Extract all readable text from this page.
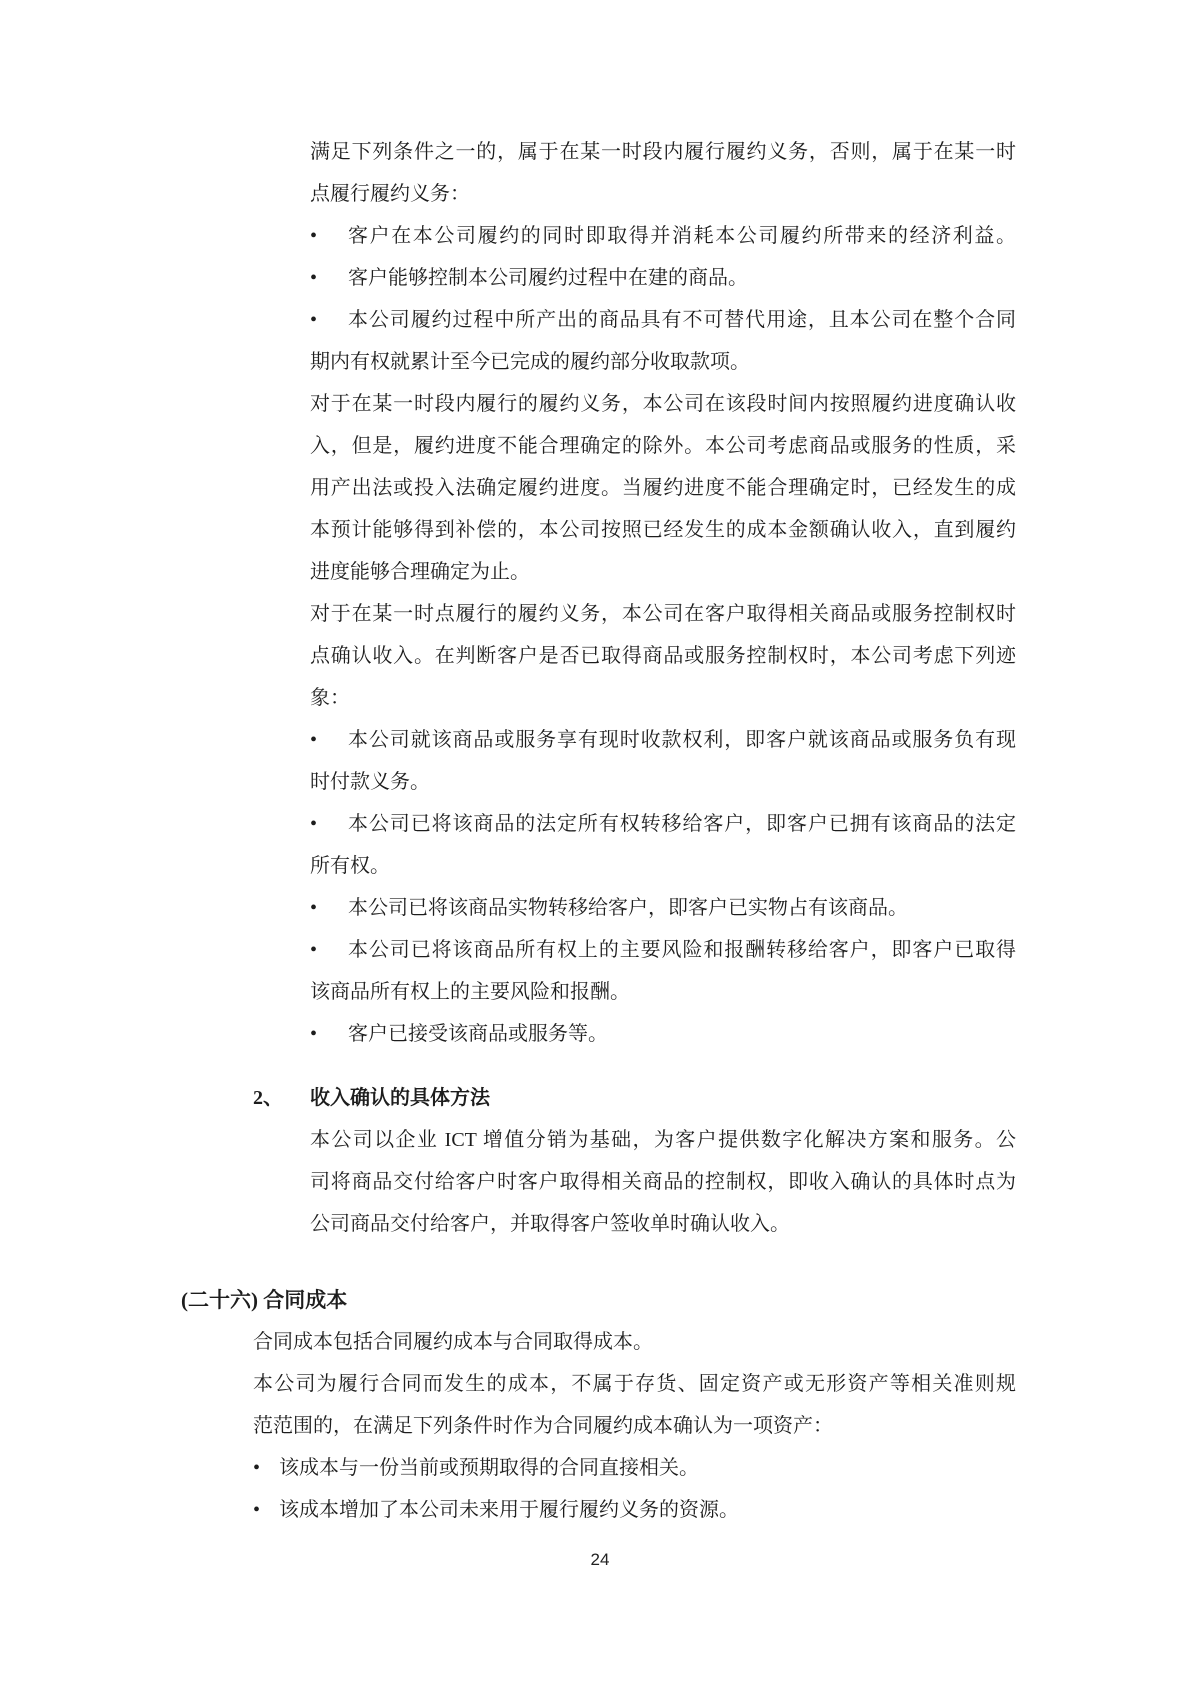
满足下列条件之一的，属于在某一时段内履行履约义务，否则，属于在某一时
点履行履约义务：
•	客户在本公司履约的同时即取得并消耗本公司履约所带来的经济利益。
•	客户能够控制本公司履约过程中在建的商品。
•	本公司履约过程中所产出的商品具有不可替代用途，且本公司在整个合同
期内有权就累计至今已完成的履约部分收取款项。
对于在某一时段内履行的履约义务，本公司在该段时间内按照履约进度确认收
入，但是，履约进度不能合理确定的除外。本公司考虑商品或服务的性质，采
用产出法或投入法确定履约进度。当履约进度不能合理确定时，已经发生的成
本预计能够得到补偿的，本公司按照已经发生的成本金额确认收入，直到履约
进度能够合理确定为止。
对于在某一时点履行的履约义务，本公司在客户取得相关商品或服务控制权时
点确认收入。在判断客户是否已取得商品或服务控制权时，本公司考虑下列迹
象：
•	本公司就该商品或服务享有现时收款权利，即客户就该商品或服务负有现
时付款义务。
•	本公司已将该商品的法定所有权转移给客户，即客户已拥有该商品的法定
所有权。
•	本公司已将该商品实物转移给客户，即客户已实物占有该商品。
•	本公司已将该商品所有权上的主要风险和报酬转移给客户，即客户已取得
该商品所有权上的主要风险和报酬。
•	客户已接受该商品或服务等。
2、 收入确认的具体方法
本公司以企业 ICT 增值分销为基础，为客户提供数字化解决方案和服务。公
司将商品交付给客户时客户取得相关商品的控制权，即收入确认的具体时点为
公司商品交付给客户，并取得客户签收单时确认收入。
(二十六) 合同成本
合同成本包括合同履约成本与合同取得成本。
本公司为履行合同而发生的成本，不属于存货、固定资产或无形资产等相关准则规
范范围的，在满足下列条件时作为合同履约成本确认为一项资产：
• 该成本与一份当前或预期取得的合同直接相关。
• 该成本增加了本公司未来用于履行履约义务的资源。
24
